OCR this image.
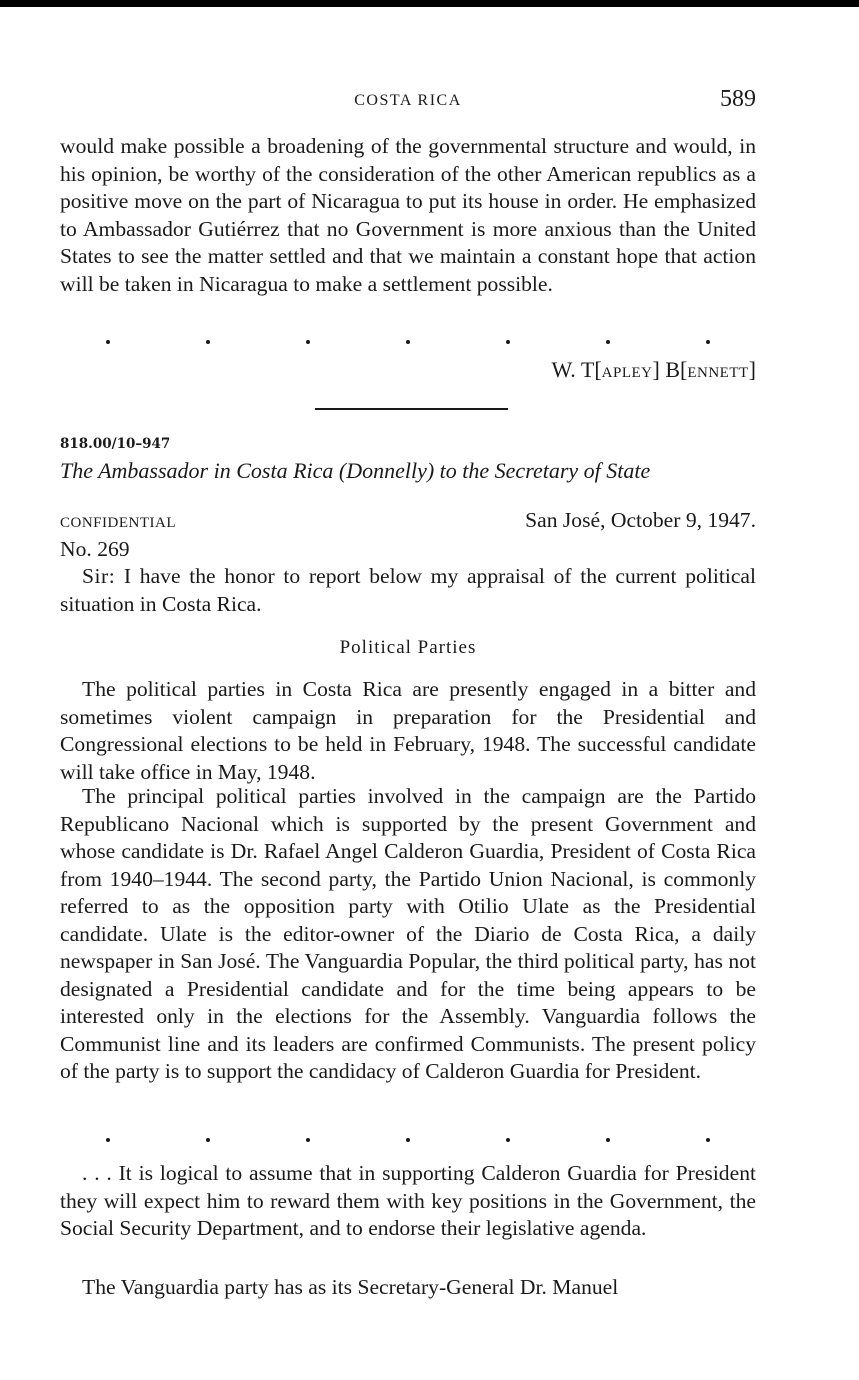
COSTA RICA	589
would make possible a broadening of the governmental structure and would, in his opinion, be worthy of the consideration of the other American republics as a positive move on the part of Nicaragua to put its house in order. He emphasized to Ambassador Gutiérrez that no Government is more anxious than the United States to see the matter settled and that we maintain a constant hope that action will be taken in Nicaragua to make a settlement possible.
W. T[APLEY] B[ENNETT]
818.00/10–947
The Ambassador in Costa Rica (Donnelly) to the Secretary of State
CONFIDENTIAL	San José, October 9, 1947.
No. 269
Sir: I have the honor to report below my appraisal of the current political situation in Costa Rica.
Political Parties
The political parties in Costa Rica are presently engaged in a bitter and sometimes violent campaign in preparation for the Presidential and Congressional elections to be held in February, 1948. The successful candidate will take office in May, 1948.
The principal political parties involved in the campaign are the Partido Republicano Nacional which is supported by the present Government and whose candidate is Dr. Rafael Angel Calderon Guardia, President of Costa Rica from 1940–1944. The second party, the Partido Union Nacional, is commonly referred to as the opposition party with Otilio Ulate as the Presidential candidate. Ulate is the editor-owner of the Diario de Costa Rica, a daily newspaper in San José. The Vanguardia Popular, the third political party, has not designated a Presidential candidate and for the time being appears to be interested only in the elections for the Assembly. Vanguardia follows the Communist line and its leaders are confirmed Communists. The present policy of the party is to support the candidacy of Calderon Guardia for President.
. . . It is logical to assume that in supporting Calderon Guardia for President they will expect him to reward them with key positions in the Government, the Social Security Department, and to endorse their legislative agenda.
The Vanguardia party has as its Secretary-General Dr. Manuel
